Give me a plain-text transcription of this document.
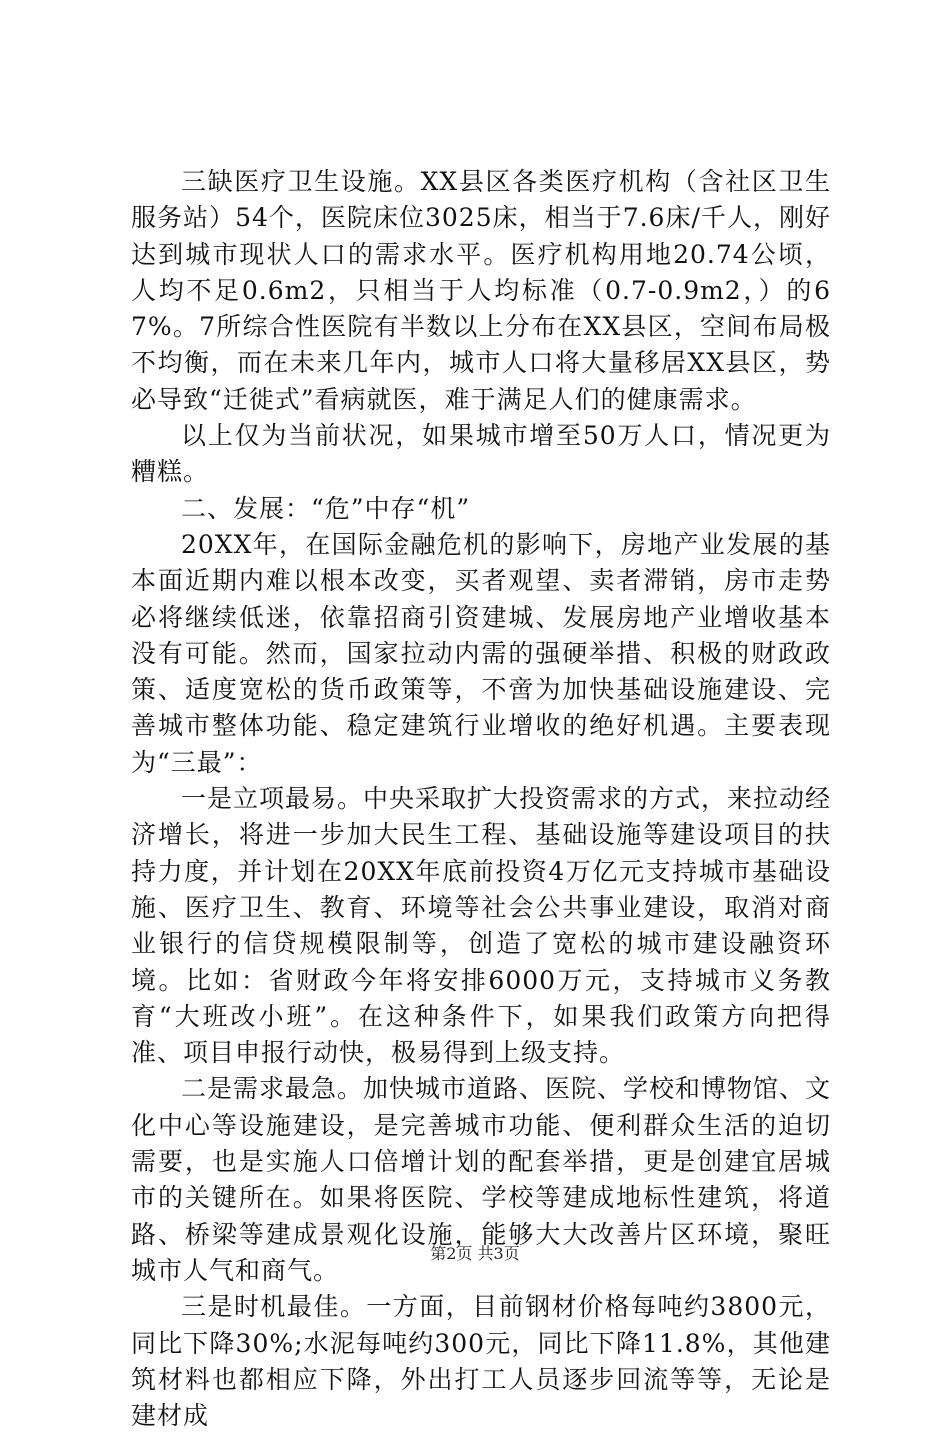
三缺医疗卫生设施。XX县区各类医疗机构（含社区卫生服务站）54个，医院床位3025床，相当于7.6床/千人，刚好达到城市现状人口的需求水平。医疗机构用地20.74公顷，人均不足0.6m2，只相当于人均标准（0.7-0.9m2，）的67%。7所综合性医院有半数以上分布在XX县区，空间布局极不均衡，而在未来几年内，城市人口将大量移居XX县区，势必导致“迁徙式”看病就医，难于满足人们的健康需求。

以上仅为当前状况，如果城市增至50万人口，情况更为糟糕。

二、发展：“危”中存“机”

20XX年，在国际金融危机的影响下，房地产业发展的基本面近期内难以根本改变，买者观望、卖者滞销，房市走势必将继续低迷，依靠招商引资建城、发展房地产业增收基本没有可能。然而，国家拉动内需的强硬举措、积极的财政政策、适度宽松的货币政策等，不啻为加快基础设施建设、完善城市整体功能、稳定建筑行业增收的绝好机遇。主要表现为“三最”：

一是立项最易。中央采取扩大投资需求的方式，来拉动经济增长，将进一步加大民生工程、基础设施等建设项目的扶持力度，并计划在20XX年底前投资4万亿元支持城市基础设施、医疗卫生、教育、环境等社会公共事业建设，取消对商业银行的信贷规模限制等，创造了宽松的城市建设融资环境。比如：省财政今年将安排6000万元，支持城市义务教育“大班改小班”。在这种条件下，如果我们政策方向把得准、项目申报行动快，极易得到上级支持。

二是需求最急。加快城市道路、医院、学校和博物馆、文化中心等设施建设，是完善城市功能、便利群众生活的迫切需要，也是实施人口倍增计划的配套举措，更是创建宜居城市的关键所在。如果将医院、学校等建成地标性建筑，将道路、桥梁等建成景观化设施，能够大大改善片区环境，聚旺城市人气和商气。

三是时机最佳。一方面，目前钢材价格每吨约3800元，同比下降30%;水泥每吨约300元，同比下降11.8%，其他建筑材料也都相应下降，外出打工人员逐步回流等等，无论是建材成

第2页 共3页
